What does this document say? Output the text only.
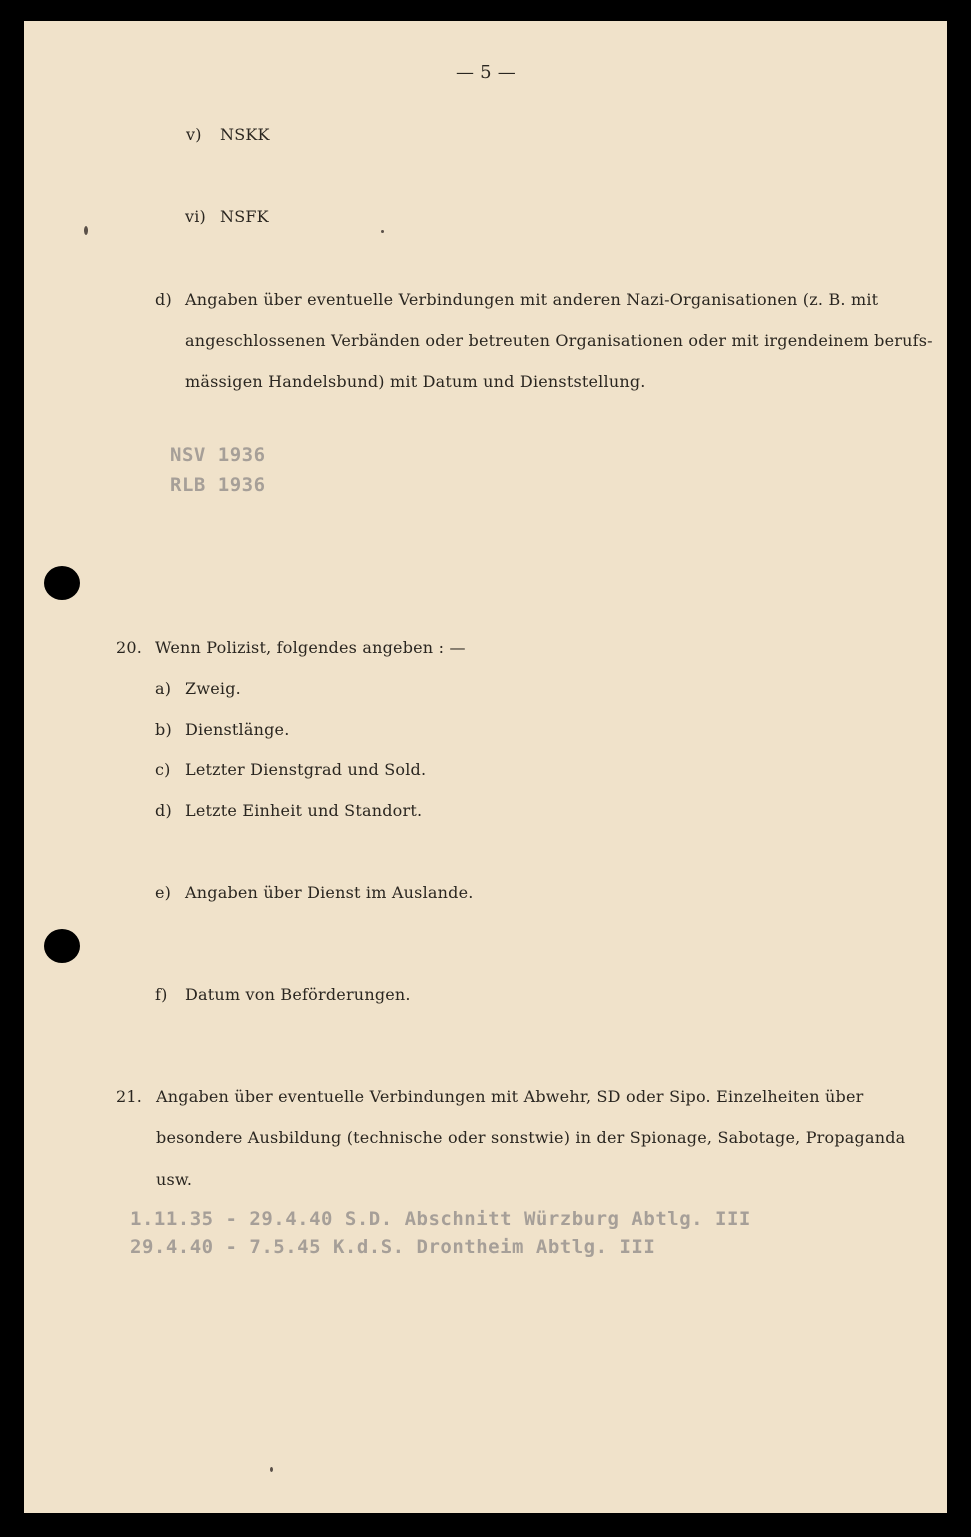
— 5 —
v) NSKK
vi) NSFK
d) Angaben über eventuelle Verbindungen mit anderen Nazi-Organisationen (z. B. mit
angeschlossenen Verbänden oder betreuten Organisationen oder mit irgendeinem berufs-
mässigen Handelsbund) mit Datum und Dienststellung.
NSV 1936
RLB 1936
20. Wenn Polizist, folgendes angeben : —
a) Zweig.
b) Dienstlänge.
c) Letzter Dienstgrad und Sold.
d) Letzte Einheit und Standort.
e) Angaben über Dienst im Auslande.
f) Datum von Beförderungen.
21. Angaben über eventuelle Verbindungen mit Abwehr, SD oder Sipo. Einzelheiten über
besondere Ausbildung (technische oder sonstwie) in der Spionage, Sabotage, Propaganda
usw.
1.11.35 - 29.4.40 S.D. Abschnitt Würzburg Abtlg. III
29.4.40 - 7.5.45 K.d.S. Drontheim Abtlg. III
